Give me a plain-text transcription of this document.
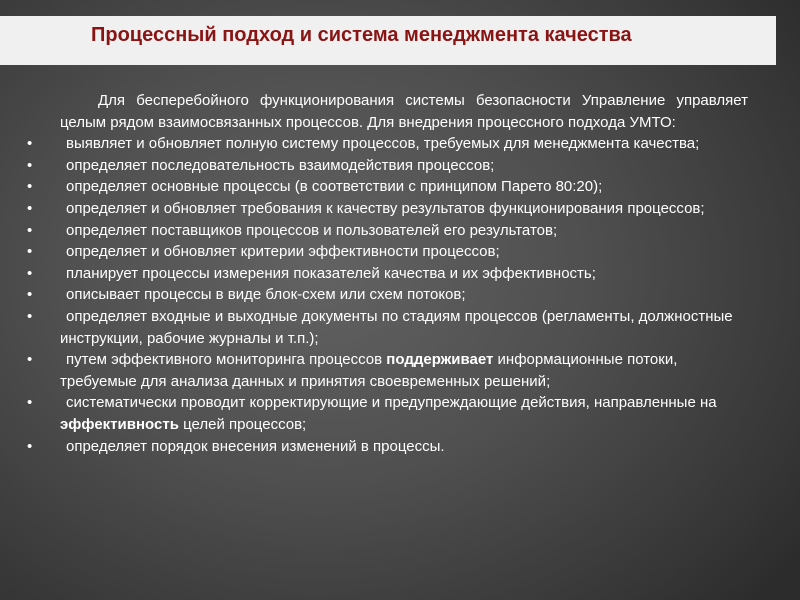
Процессный подход и система менеджмента качества

Для бесперебойного функционирования системы безопасности Управление управляет целым рядом взаимосвязанных процессов. Для внедрения процессного подхода УМТО:

• выявляет и обновляет полную систему процессов, требуемых для менеджмента качества;
• определяет последовательность взаимодействия процессов;
• определяет основные процессы (в соответствии с принципом Парето 80:20);
• определяет и обновляет требования к качеству результатов функционирования процессов;
• определяет поставщиков процессов и пользователей его результатов;
• определяет и обновляет критерии эффективности процессов;
• планирует процессы измерения показателей качества и их эффективность;
• описывает процессы в виде блок-схем или схем потоков;
• определяет входные и выходные документы по стадиям процессов (регламенты, должностные инструкции, рабочие журналы и т.п.);
• путем эффективного мониторинга процессов поддерживает информационные потоки, требуемые для анализа данных и принятия своевременных решений;
• систематически проводит корректирующие и предупреждающие действия, направленные на эффективность целей процессов;
• определяет порядок внесения изменений в процессы.
